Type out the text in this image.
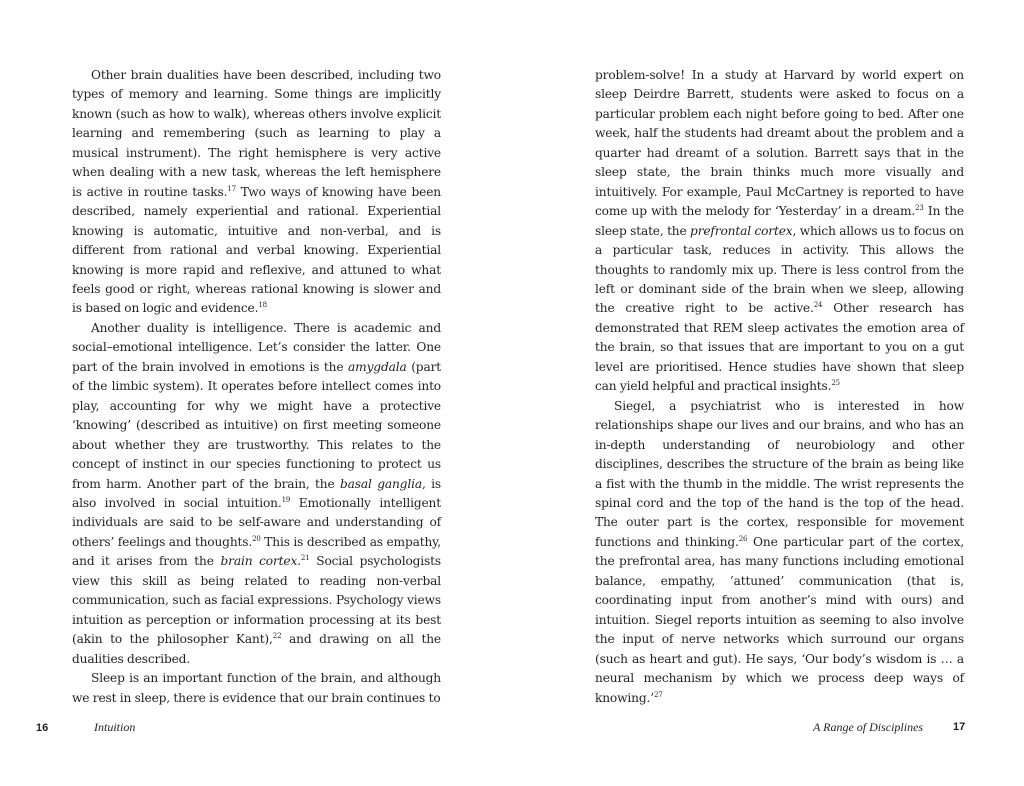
Other brain dualities have been described, including two types of memory and learning. Some things are implicitly known (such as how to walk), whereas others involve explicit learning and remembering (such as learning to play a musical instrument). The right hemisphere is very active when dealing with a new task, whereas the left hemisphere is active in routine tasks.$^{17}$ Two ways of knowing have been described, namely experiential and rational. Experiential knowing is automatic, intuitive and non-verbal, and is different from rational and verbal knowing. Experiential knowing is more rapid and reflexive, and attuned to what feels good or right, whereas rational knowing is slower and is based on logic and evidence.$^{18}$

Another duality is intelligence. There is academic and social–emotional intelligence. Let’s consider the latter. One part of the brain involved in emotions is the amygdala (part of the limbic system). It operates before intellect comes into play, accounting for why we might have a protective ‘knowing’ (described as intuitive) on first meeting someone about whether they are trustworthy. This relates to the concept of instinct in our species functioning to protect us from harm. Another part of the brain, the basal ganglia, is also involved in social intuition.$^{19}$ Emotionally intelligent individuals are said to be self-aware and understanding of others’ feelings and thoughts.$^{20}$ This is described as empathy, and it arises from the brain cortex.$^{21}$ Social psychologists view this skill as being related to reading non-verbal communication, such as facial expressions. Psychology views intuition as perception or information processing at its best (akin to the philosopher Kant),$^{22}$ and drawing on all the dualities described.

Sleep is an important function of the brain, and although we rest in sleep, there is evidence that our brain continues to

problem-solve! In a study at Harvard by world expert on sleep Deirdre Barrett, students were asked to focus on a particular problem each night before going to bed. After one week, half the students had dreamt about the problem and a quarter had dreamt of a solution. Barrett says that in the sleep state, the brain thinks much more visually and intuitively. For example, Paul McCartney is reported to have come up with the melody for ‘Yesterday’ in a dream.$^{23}$ In the sleep state, the prefrontal cortex, which allows us to focus on a particular task, reduces in activity. This allows the thoughts to randomly mix up. There is less control from the left or dominant side of the brain when we sleep, allowing the creative right to be active.$^{24}$ Other research has demonstrated that REM sleep activates the emotion area of the brain, so that issues that are important to you on a gut level are prioritised. Hence studies have shown that sleep can yield helpful and practical insights.$^{25}$

Siegel, a psychiatrist who is interested in how relationships shape our lives and our brains, and who has an in-depth understanding of neurobiology and other disciplines, describes the structure of the brain as being like a fist with the thumb in the middle. The wrist represents the spinal cord and the top of the hand is the top of the head. The outer part is the cortex, responsible for movement functions and thinking.$^{26}$ One particular part of the cortex, the prefrontal area, has many functions including emotional balance, empathy, ’attuned’ communication (that is, coordinating input from another’s mind with ours) and intuition. Siegel reports intuition as seeming to also involve the input of nerve networks which surround our organs (such as heart and gut). He says, ‘Our body’s wisdom is … a neural mechanism by which we process deep ways of knowing.’$^{27}$

16	Intuition	A Range of Disciplines	17
